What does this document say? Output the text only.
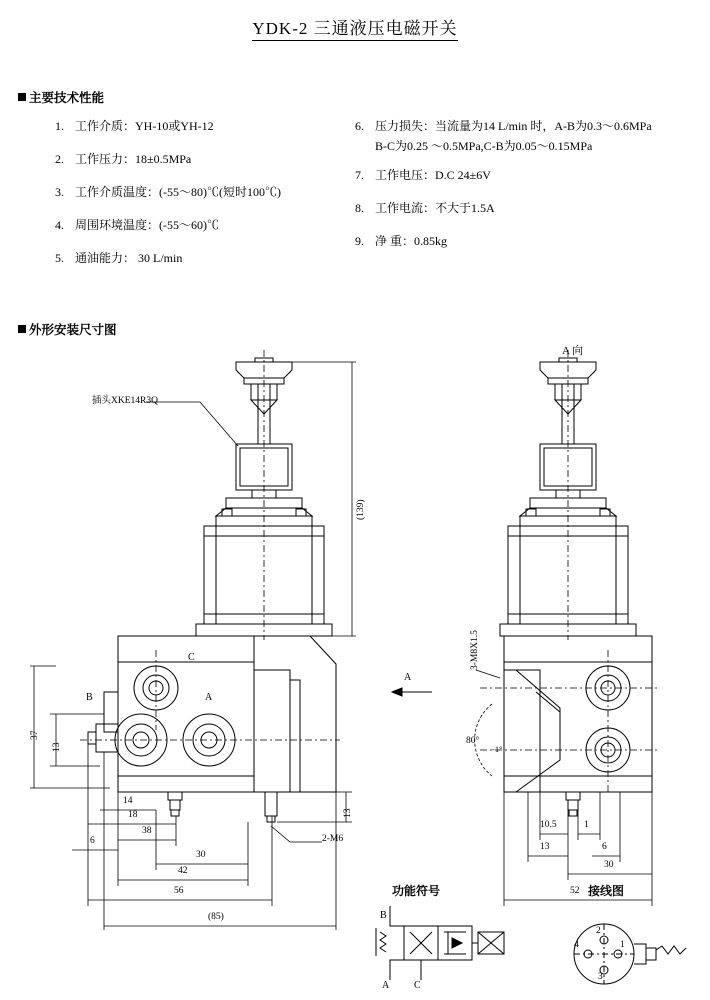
YDK-2 三通液压电磁开关
主要技术性能
1. 工作介质：YH-10或YH-12
2. 工作压力：18±0.5MPa
3. 工作介质温度：(-55～80)℃(短时100℃)
4. 周围环境温度：(-55～60)℃
5. 通油能力： 30 L/min
6. 压力损失：当流量为14 L/min 时，A-B为0.3～0.6MPa
B-C为0.25 ～0.5MPa,C-B为0.05～0.15MPa
7. 工作电压：D.C 24±6V
8. 工作电流：不大于1.5A
9. 净 重：0.85kg
外形安装尺寸图
A 向
A
插头XKE14R3Q
C
B	A
(139)
37
13
14
18
6
38
30
42
56
(85)
13
2-M6
3-M8X1.5
80°
-1°
10.5	1
13	6
30
52
功能符号
B
A C
接线图
2
1
3
4
